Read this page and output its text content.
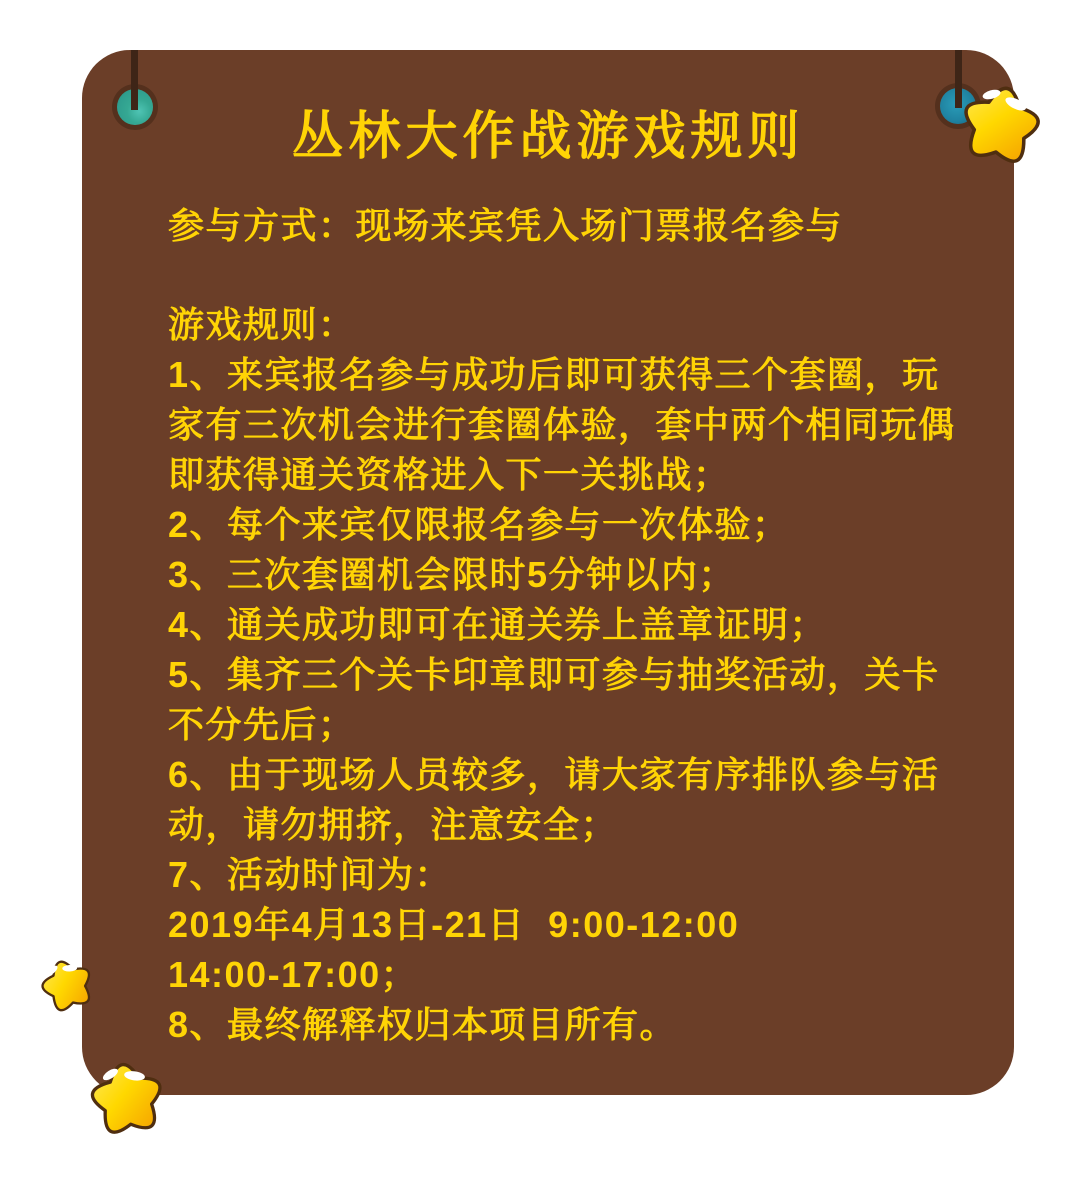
丛林大作战游戏规则
参与方式：现场来宾凭入场门票报名参与
游戏规则：
1、来宾报名参与成功后即可获得三个套圈，玩
家有三次机会进行套圈体验，套中两个相同玩偶
即获得通关资格进入下一关挑战；
2、每个来宾仅限报名参与一次体验；
3、三次套圈机会限时5分钟以内；
4、通关成功即可在通关券上盖章证明；
5、集齐三个关卡印章即可参与抽奖活动，关卡
不分先后；
6、由于现场人员较多，请大家有序排队参与活
动，请勿拥挤，注意安全；
7、活动时间为：
2019年4月13日-21日  9:00-12:00
14:00-17:00；
8、最终解释权归本项目所有。
